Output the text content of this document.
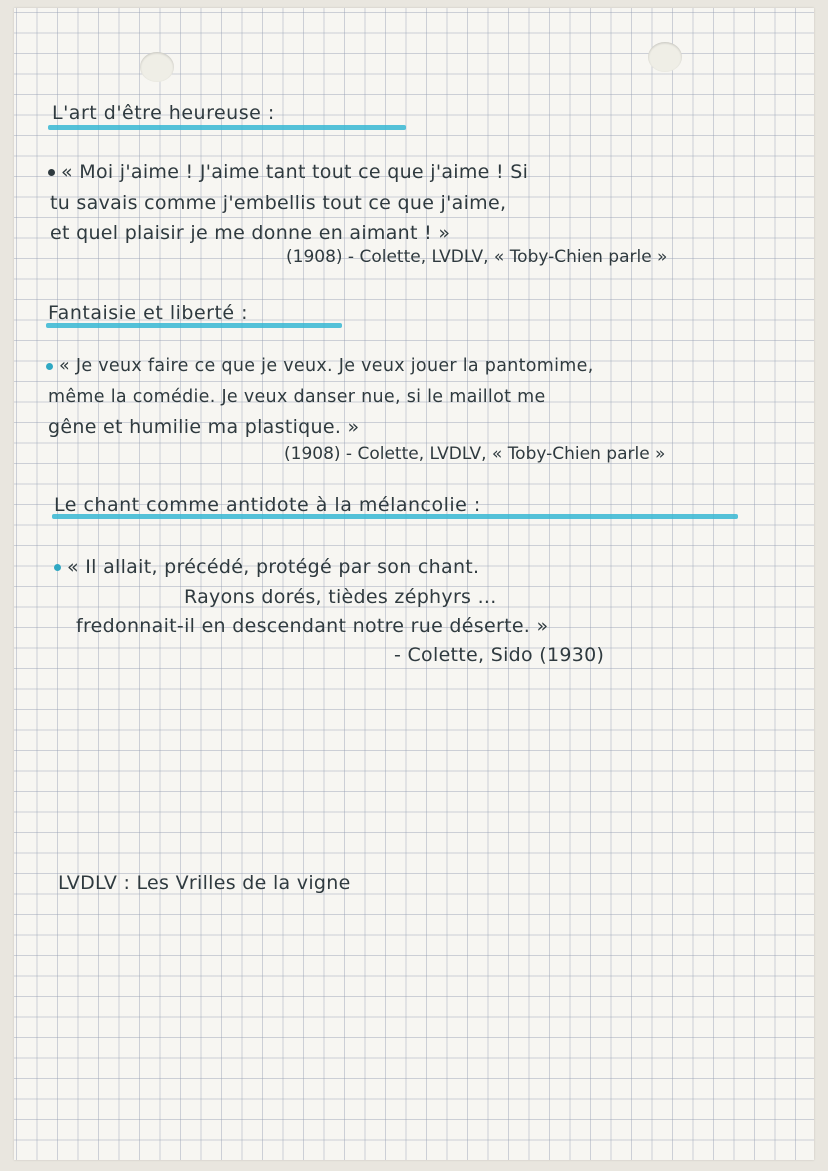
L'art d'être heureuse :
« Moi j'aime ! J'aime tant tout ce que j'aime ! Si
tu savais comme j'embellis tout ce que j'aime,
et quel plaisir je me donne en aimant ! »
(1908) - Colette, LVDLV, « Toby-Chien parle »
Fantaisie et liberté :
« Je veux faire ce que je veux. Je veux jouer la pantomime,
même la comédie. Je veux danser nue, si le maillot me
gêne et humilie ma plastique. »
(1908) - Colette, LVDLV, « Toby-Chien parle »
Le chant comme antidote à la mélancolie :
« Il allait, précédé, protégé par son chant.
Rayons dorés, tièdes zéphyrs ...
fredonnait-il en descendant notre rue déserte. »
- Colette, Sido (1930)
LVDLV : Les Vrilles de la vigne
